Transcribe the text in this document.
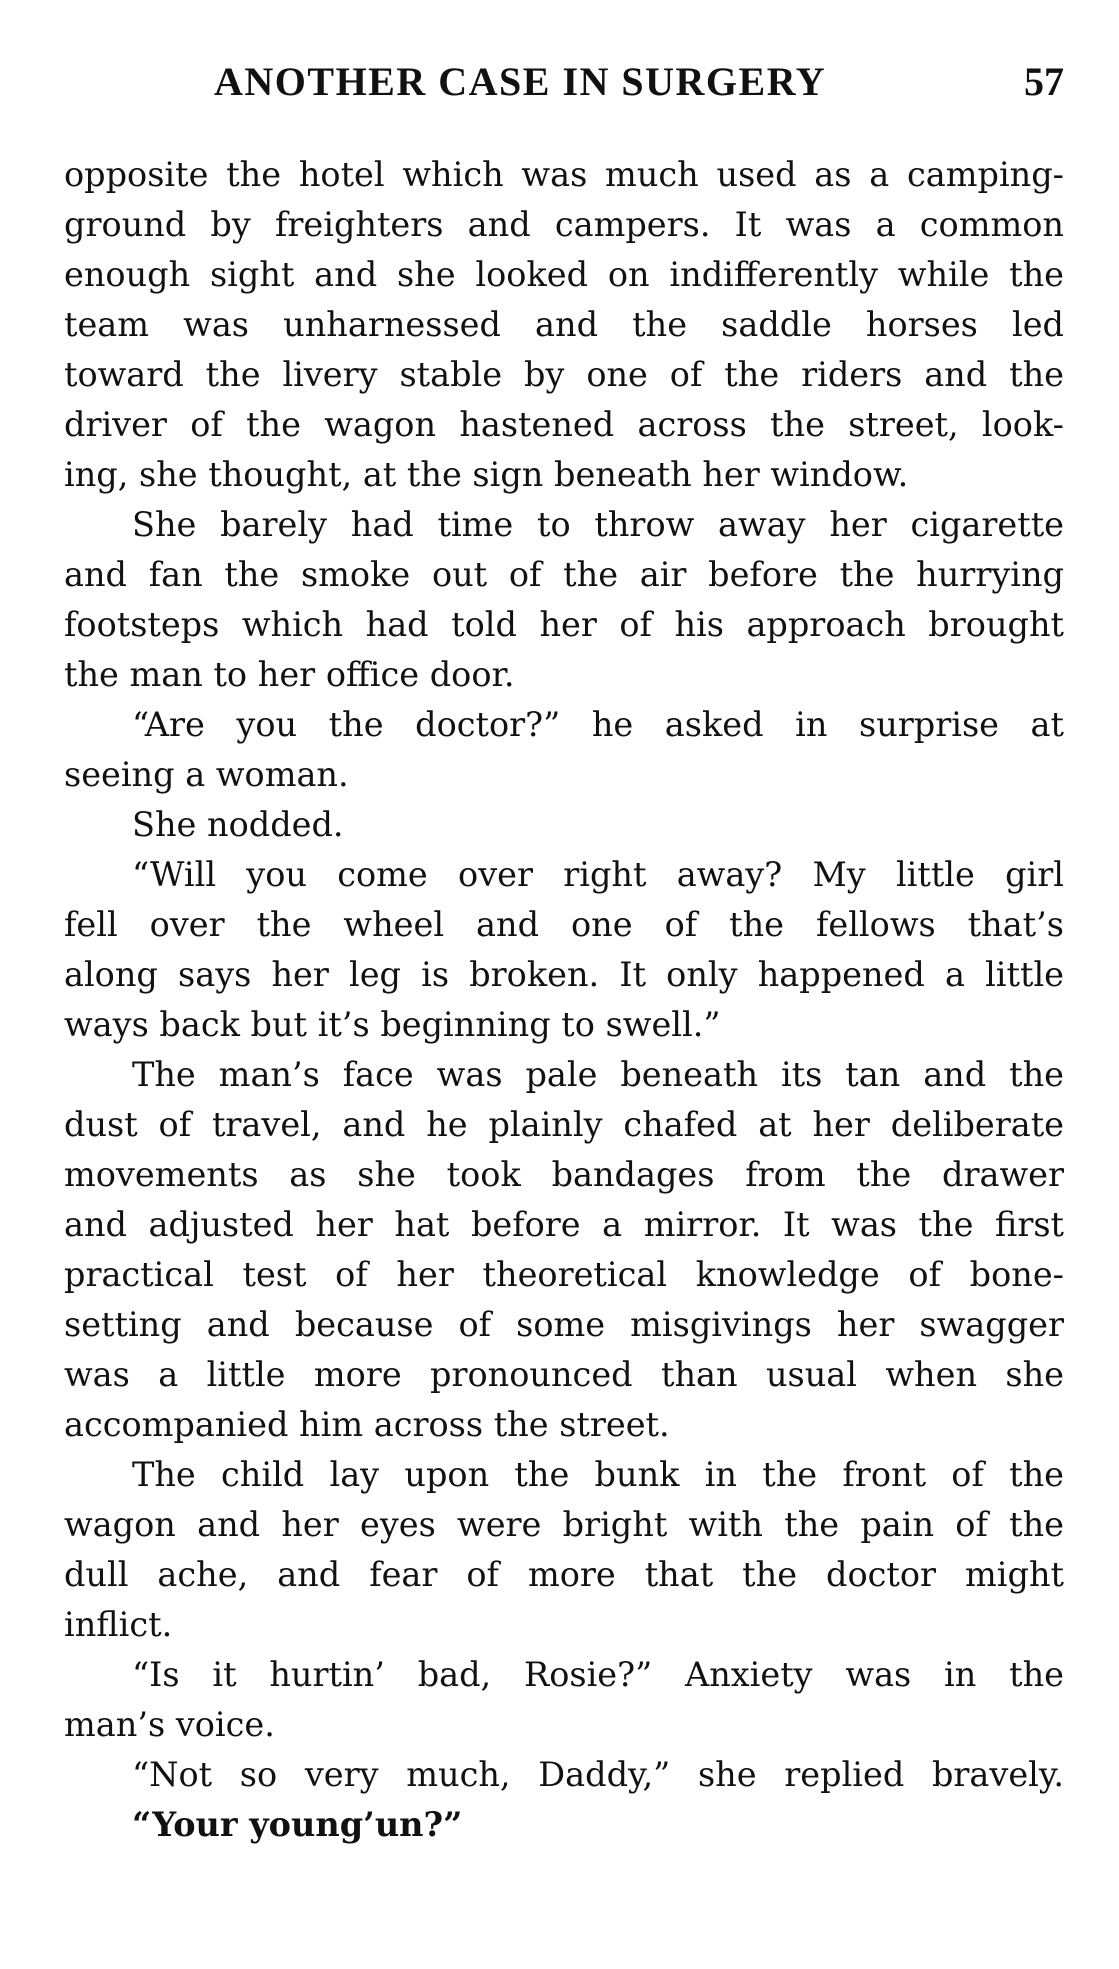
ANOTHER CASE IN SURGERY	57
opposite the hotel which was much used as a camping-
ground by freighters and campers. It was a common
enough sight and she looked on indifferently while the
team was unharnessed and the saddle horses led
toward the livery stable by one of the riders and the
driver of the wagon hastened across the street, look-
ing, she thought, at the sign beneath her window.
She barely had time to throw away her cigarette
and fan the smoke out of the air before the hurrying
footsteps which had told her of his approach brought
the man to her office door.
“Are you the doctor?” he asked in surprise at
seeing a woman.
She nodded.
“Will you come over right away? My little girl
fell over the wheel and one of the fellows that’s
along says her leg is broken. It only happened a little
ways back but it’s beginning to swell.”
The man’s face was pale beneath its tan and the
dust of travel, and he plainly chafed at her deliberate
movements as she took bandages from the drawer
and adjusted her hat before a mirror. It was the first
practical test of her theoretical knowledge of bone-
setting and because of some misgivings her swagger
was a little more pronounced than usual when she
accompanied him across the street.
The child lay upon the bunk in the front of the
wagon and her eyes were bright with the pain of the
dull ache, and fear of more that the doctor might
inflict.
“Is it hurtin’ bad, Rosie?” Anxiety was in the
man’s voice.
“Not so very much, Daddy,” she replied bravely.
“Your young’un?”
